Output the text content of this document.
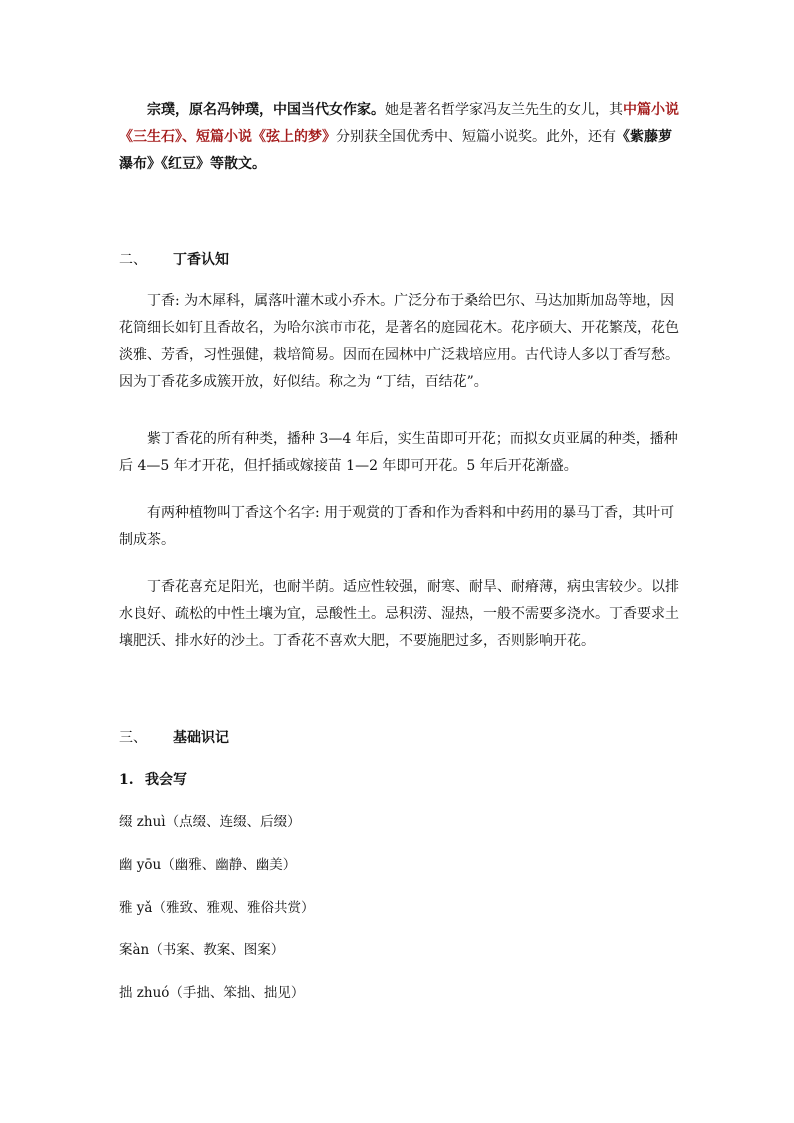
宗璞，原名冯钟璞，中国当代女作家。她是著名哲学家冯友兰先生的女儿，其中篇小说《三生石》、短篇小说《弦上的梦》分别获全国优秀中、短篇小说奖。此外，还有《紫藤萝瀑布》《红豆》等散文。

二、 丁香认知

丁香: 为木犀科，属落叶灌木或小乔木。广泛分布于桑给巴尔、马达加斯加岛等地，因花筒细长如钉且香故名，为哈尔滨市市花，是著名的庭园花木。花序硕大、开花繁茂，花色淡雅、芳香，习性强健，栽培简易。因而在园林中广泛栽培应用。古代诗人多以丁香写愁。因为丁香花多成簇开放，好似结。称之为 “丁结，百结花”。

紫丁香花的所有种类，播种 3—4 年后，实生苗即可开花；而拟女贞亚属的种类，播种后 4—5 年才开花，但扦插或嫁接苗 1—2 年即可开花。5 年后开花渐盛。

有两种植物叫丁香这个名字: 用于观赏的丁香和作为香料和中药用的暴马丁香，其叶可制成茶。

丁香花喜充足阳光，也耐半荫。适应性较强，耐寒、耐旱、耐瘠薄，病虫害较少。以排水良好、疏松的中性土壤为宜，忌酸性土。忌积涝、湿热，一般不需要多浇水。丁香要求土壤肥沃、排水好的沙土。丁香花不喜欢大肥，不要施肥过多，否则影响开花。

三、 基础识记
1. 我会写
缀 zhuì（点缀、连缀、后缀）
幽 yōu（幽雅、幽静、幽美）
雅 yǎ（雅致、雅观、雅俗共赏）
案àn（书案、教案、图案）
拙 zhuó（手拙、笨拙、拙见）
